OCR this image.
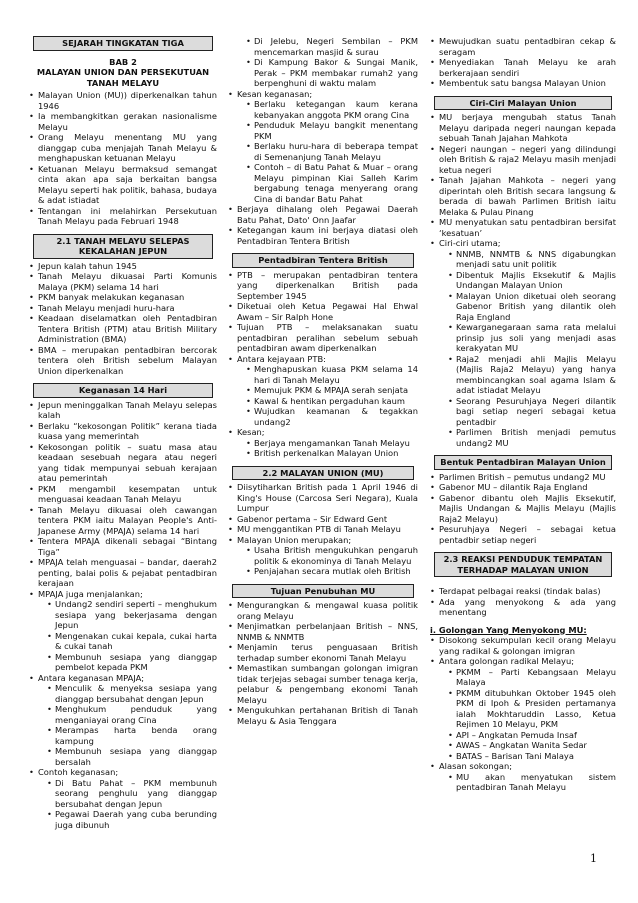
SEJARAH TINGKATAN TIGA
BAB 2
MALAYAN UNION DAN PERSEKUTUAN TANAH MELAYU
• Malayan Union (MU)) diperkenalkan tahun 1946
• Ia membangkitkan gerakan nasionalisme Melayu
• Orang Melayu menentang MU yang dianggap cuba menjajah Tanah Melayu & menghapuskan ketuanan Melayu
• Ketuanan Melayu bermaksud semangat cinta akan apa saja berkaitan bangsa Melayu seperti hak politik, bahasa, budaya & adat istiadat
• Tentangan ini melahirkan Persekutuan Tanah Melayu pada Februari 1948
2.1 TANAH MELAYU SELEPAS KEKALAHAN JEPUN
• Jepun kalah tahun 1945
• Tanah Melayu dikuasai Parti Komunis Malaya (PKM) selama 14 hari
• PKM banyak melakukan keganasan
• Tanah Melayu menjadi huru-hara
• Keadaan diselamatkan oleh Pentadbiran Tentera British (PTM) atau British Military Administration (BMA)
• BMA – merupakan pentadbiran bercorak tentera oleh British sebelum Malayan Union diperkenalkan
Keganasan 14 Hari
• Jepun meninggalkan Tanah Melayu selepas kalah
• Berlaku “kekosongan Politik” kerana tiada kuasa yang memerintah
• Kekosongan politik – suatu masa atau keadaan sesebuah negara atau negeri yang tidak mempunyai sebuah kerajaan atau pemerintah
• PKM mengambil kesempatan untuk menguasai keadaan Tanah Melayu
• Tanah Melayu dikuasai oleh cawangan tentera PKM iaitu Malayan People's Anti-Japanese Army (MPAJA) selama 14 hari
• Tentera MPAJA dikenali sebagai “Bintang Tiga”
• MPAJA telah menguasai – bandar, daerah2 penting, balai polis & pejabat pentadbiran kerajaan
• MPAJA juga menjalankan;
• Undang2 sendiri seperti – menghukum sesiapa yang bekerjasama dengan Jepun
• Mengenakan cukai kepala, cukai harta & cukai tanah
• Membunuh sesiapa yang dianggap pembelot kepada PKM
• Antara keganasan MPAJA;
• Menculik & menyeksa sesiapa yang dianggap bersubahat dengan Jepun
• Menghukum penduduk yang menganiayai orang Cina
• Merampas harta benda orang kampung
• Membunuh sesiapa yang dianggap bersalah
• Contoh keganasan;
• Di Batu Pahat – PKM membunuh seorang penghulu yang dianggap bersubahat dengan Jepun
• Pegawai Daerah yang cuba berunding juga dibunuh
• Di Jelebu, Negeri Sembilan – PKM mencemarkan masjid & surau
• Di Kampung Bakor & Sungai Manik, Perak – PKM membakar rumah2 yang berpenghuni di waktu malam
• Kesan keganasan;
• Berlaku ketegangan kaum kerana kebanyakan anggota PKM orang Cina
• Penduduk Melayu bangkit menentang PKM
• Berlaku huru-hara di beberapa tempat di Semenanjung Tanah Melayu
• Contoh – di Batu Pahat & Muar – orang Melayu pimpinan Kiai Salleh Karim bergabung tenaga menyerang orang Cina di bandar Batu Pahat
• Berjaya dihalang oleh Pegawai Daerah Batu Pahat, Dato' Onn Jaafar
• Ketegangan kaum ini berjaya diatasi oleh Pentadbiran Tentera British
Pentadbiran Tentera British
• PTB – merupakan pentadbiran tentera yang diperkenalkan British pada September 1945
• Diketuai oleh Ketua Pegawai Hal Ehwal Awam – Sir Ralph Hone
• Tujuan PTB – melaksanakan suatu pentadbiran peralihan sebelum sebuah pentadbiran awam diperkenalkan
• Antara kejayaan PTB:
• Menghapuskan kuasa PKM selama 14 hari di Tanah Melayu
• Memujuk PKM & MPAJA serah senjata
• Kawal & hentikan pergaduhan kaum
• Wujudkan keamanan & tegakkan undang2
• Kesan;
• Berjaya mengamankan Tanah Melayu
• British perkenalkan Malayan Union
2.2 MALAYAN UNION (MU)
• Diisytiharkan British pada 1 April 1946 di King's House (Carcosa Seri Negara), Kuala Lumpur
• Gabenor pertama – Sir Edward Gent
• MU menggantikan PTB di Tanah Melayu
• Malayan Union merupakan;
• Usaha British mengukuhkan pengaruh politik & ekonominya di Tanah Melayu
• Penjajahan secara mutlak oleh British
Tujuan Penubuhan MU
• Mengurangkan & mengawal kuasa politik orang Melayu
• Menjimatkan perbelanjaan British – NNS, NNMB & NNMTB
• Menjamin terus penguasaan British terhadap sumber ekonomi Tanah Melayu
• Memastikan sumbangan golongan imigran tidak terjejas sebagai sumber tenaga kerja, pelabur & pengembang ekonomi Tanah Melayu
• Mengukuhkan pertahanan British di Tanah Melayu & Asia Tenggara
• Mewujudkan suatu pentadbiran cekap & seragam
• Menyediakan Tanah Melayu ke arah berkerajaan sendiri
• Membentuk satu bangsa Malayan Union
Ciri-Ciri Malayan Union
• MU berjaya mengubah status Tanah Melayu daripada negeri naungan kepada sebuah Tanah Jajahan Mahkota
• Negeri naungan – negeri yang dilindungi oleh British & raja2 Melayu masih menjadi ketua negeri
• Tanah Jajahan Mahkota – negeri yang diperintah oleh British secara langsung & berada di bawah Parlimen British iaitu Melaka & Pulau Pinang
• MU menyatukan satu pentadbiran bersifat ‘kesatuan’
• Ciri-ciri utama;
• NNMB, NNMTB & NNS digabungkan menjadi satu unit politik
• Dibentuk Majlis Eksekutif & Majlis Undangan Malayan Union
• Malayan Union diketuai oleh seorang Gabenor British yang dilantik oleh Raja England
• Kewarganegaraan sama rata melalui prinsip jus soli yang menjadi asas kerakyatan MU
• Raja2 menjadi ahli Majlis Melayu (Majlis Raja2 Melayu) yang hanya membincangkan soal agama Islam & adat istiadat Melayu
• Seorang Pesuruhjaya Negeri dilantik bagi setiap negeri sebagai ketua pentadbir
• Parlimen British menjadi pemutus undang2 MU
Bentuk Pentadbiran Malayan Union
• Parlimen British – pemutus undang2 MU
• Gabenor MU – dilantik Raja England
• Gabenor dibantu oleh Majlis Eksekutif, Majlis Undangan & Majlis Melayu (Majlis Raja2 Melayu)
• Pesuruhjaya Negeri – sebagai ketua pentadbir setiap negeri
2.3 REAKSI PENDUDUK TEMPATAN TERHADAP MALAYAN UNION
• Terdapat pelbagai reaksi (tindak balas)
• Ada yang menyokong & ada yang menentang
i. Golongan Yang Menyokong MU:
• Disokong sekumpulan kecil orang Melayu yang radikal & golongan imigran
• Antara golongan radikal Melayu;
• PKMM – Parti Kebangsaan Melayu Malaya
• PKMM ditubuhkan Oktober 1945 oleh PKM di Ipoh & Presiden pertamanya ialah Mokhtaruddin Lasso, Ketua Rejimen 10 Melayu, PKM
• API – Angkatan Pemuda Insaf
• AWAS – Angkatan Wanita Sedar
• BATAS – Barisan Tani Malaya
• Alasan sokongan;
• MU akan menyatukan sistem pentadbiran Tanah Melayu
1
